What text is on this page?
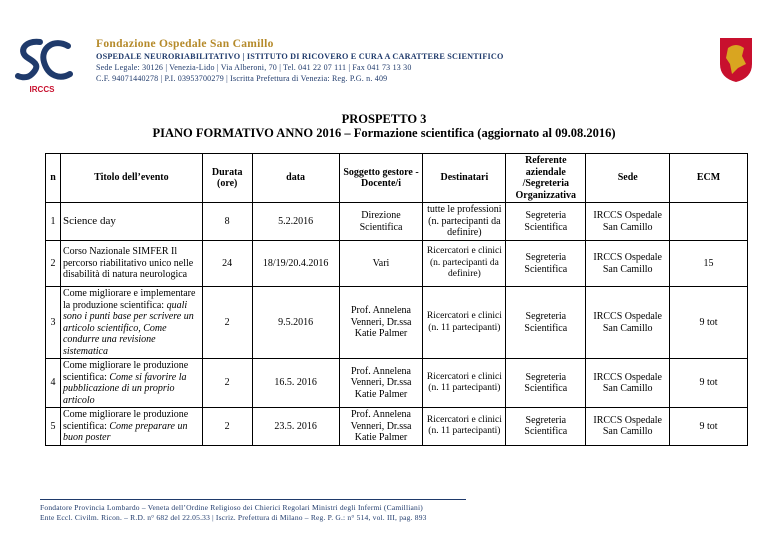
IRCCS
Fondazione Ospedale San Camillo
OSPEDALE NEURORIABILITATIVO | ISTITUTO DI RICOVERO E CURA A CARATTERE SCIENTIFICO
Sede Legale: 30126 | Venezia-Lido | Via Alberoni, 70 | Tel. 041 22 07 111 | Fax 041 73 13 30
C.F. 94071440278 | P.I. 03953700279 | Iscritta Prefettura di Venezia: Reg. P.G. n. 409
PROSPETTO 3
PIANO FORMATIVO ANNO 2016 – Formazione scientifica (aggiornato al 09.08.2016)
n	Titolo dell’evento	Durata (ore)	data	Soggetto gestore - Docente/i	Destinatari	Referente aziendale /Segreteria Organizzativa	Sede	ECM
1	Science day	8	5.2.2016	Direzione Scientifica	tutte le professioni (n. partecipanti da definire)	Segreteria Scientifica	IRCCS Ospedale San Camillo	
2	Corso Nazionale SIMFER Il percorso riabilitativo unico nelle disabilità di natura neurologica	24	18/19/20.4.2016	Vari	Ricercatori e clinici (n. partecipanti da definire)	Segreteria Scientifica	IRCCS Ospedale San Camillo	15
3	Come migliorare e implementare la produzione scientifica: quali sono i punti base per scrivere un articolo scientifico, Come condurre una revisione sistematica	2	9.5.2016	Prof. Annelena Venneri, Dr.ssa Katie Palmer	Ricercatori e clinici (n. 11 partecipanti)	Segreteria Scientifica	IRCCS Ospedale San Camillo	9 tot
4	Come migliorare le produzione scientifica: Come si favorire la pubblicazione di un proprio articolo	2	16.5. 2016	Prof. Annelena Venneri, Dr.ssa Katie Palmer	Ricercatori e clinici (n. 11 partecipanti)	Segreteria Scientifica	IRCCS Ospedale San Camillo	9 tot
5	Come migliorare le produzione scientifica: Come preparare un buon poster	2	23.5. 2016	Prof. Annelena Venneri, Dr.ssa Katie Palmer	Ricercatori e clinici (n. 11 partecipanti)	Segreteria Scientifica	IRCCS Ospedale San Camillo	9 tot
Fondatore Provincia Lombardo – Veneta dell’Ordine Religioso dei Chierici Regolari Ministri degli Infermi (Camilliani)
Ente Eccl. Civilm. Ricon. – R.D. n° 682 del 22.05.33 | Iscriz. Prefettura di Milano – Reg. P. G.: n° 514, vol. III, pag. 893
